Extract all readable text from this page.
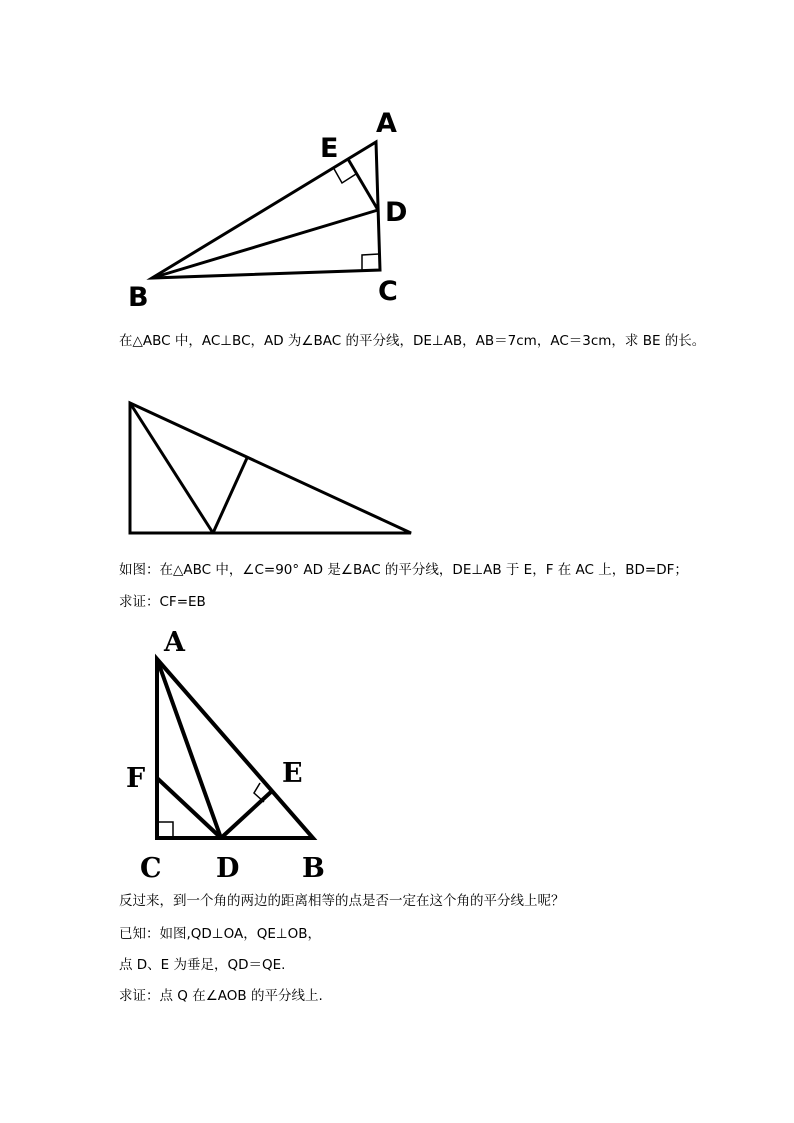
A
B	C
D
E
在△ABC 中，AC⊥BC，AD 为∠BAC 的平分线，DE⊥AB，AB＝7cm，AC＝3cm，求 BE 的长。
如图：在△ABC 中，∠C=90° AD 是∠BAC 的平分线，DE⊥AB 于 E，F 在 AC 上，BD=DF；
求证：CF=EB
A
B
C D
E
F
反过来，到一个角的两边的距离相等的点是否一定在这个角的平分线上呢？
已知：如图,QD⊥OA，QE⊥OB，
点 D、E 为垂足，QD＝QE.
求证：点 Q 在∠AOB 的平分线上.
